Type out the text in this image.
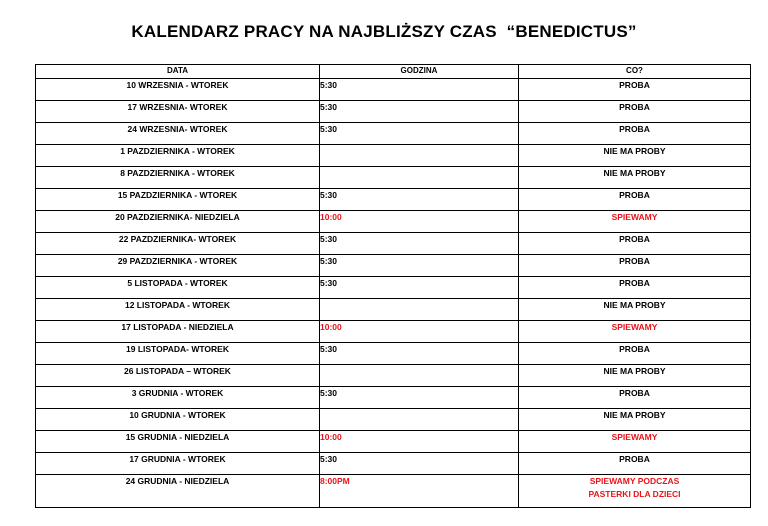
KALENDARZ PRACY NA NAJBLIŻSZY CZAS  “BENEDICTUS”
DATA	GODZINA	CO?
10 WRZESNIA - WTOREK	5:30	PROBA
17 WRZESNIA- WTOREK	5:30	PROBA
24 WRZESNIA- WTOREK	5:30	PROBA
1 PAZDZIERNIKA - WTOREK		NIE MA PROBY
8 PAZDZIERNIKA - WTOREK		NIE MA PROBY
15 PAZDZIERNIKA - WTOREK	5:30	PROBA
20 PAZDZIERNIKA- NIEDZIELA	10:00	SPIEWAMY
22 PAZDZIERNIKA- WTOREK	5:30	PROBA
29 PAZDZIERNIKA - WTOREK	5:30	PROBA
5 LISTOPADA - WTOREK	5:30	PROBA
12 LISTOPADA - WTOREK		NIE MA PROBY
17 LISTOPADA - NIEDZIELA	10:00	SPIEWAMY
19 LISTOPADA- WTOREK	5:30	PROBA
26 LISTOPADA – WTOREK		NIE MA PROBY
3 GRUDNIA - WTOREK	5:30	PROBA
10 GRUDNIA - WTOREK		NIE MA PROBY
15 GRUDNIA - NIEDZIELA	10:00	SPIEWAMY
17 GRUDNIA - WTOREK	5:30	PROBA
24 GRUDNIA - NIEDZIELA	8:00PM	SPIEWAMY PODCZAS
PASTERKI DLA DZIECI
